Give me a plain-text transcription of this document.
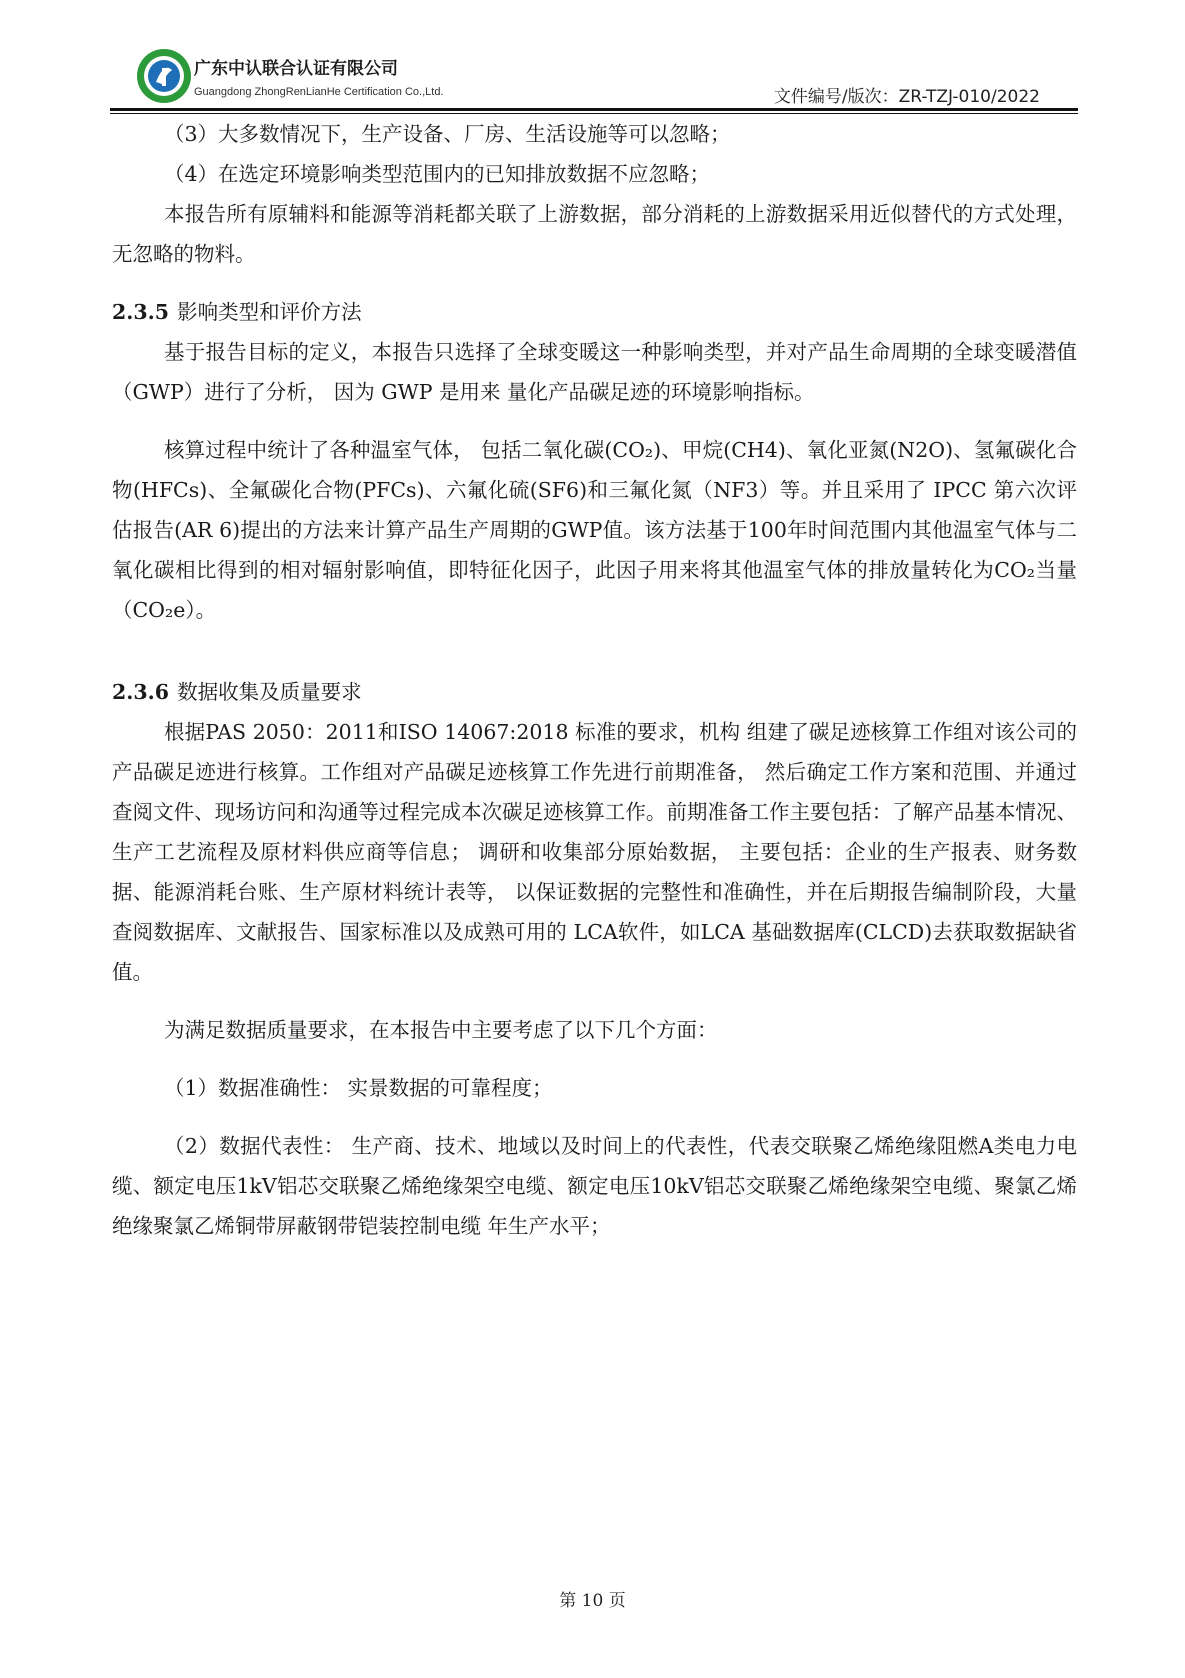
广东中认联合认证有限公司
Guangdong ZhongRenLianHe Certification Co.,Ltd.	文件编号/版次：ZR-TZJ-010/2022

（3）大多数情况下，生产设备、厂房、生活设施等可以忽略；

（4）在选定环境影响类型范围内的已知排放数据不应忽略；

本报告所有原辅料和能源等消耗都关联了上游数据，部分消耗的上游数据采用近似替代的方式处理，无忽略的物料。

2.3.5 影响类型和评价方法

基于报告目标的定义，本报告只选择了全球变暖这一种影响类型，并对产品生命周期的全球变暖潜值（GWP）进行了分析， 因为 GWP 是用来 量化产品碳足迹的环境影响指标。

核算过程中统计了各种温室气体， 包括二氧化碳(CO₂)、甲烷(CH4)、氧化亚氮(N2O)、氢氟碳化合物(HFCs)、全氟碳化合物(PFCs)、六氟化硫(SF6)和三氟化氮（NF3）等。并且采用了 IPCC 第六次评估报告(AR 6)提出的方法来计算产品生产周期的GWP值。该方法基于100年时间范围内其他温室气体与二氧化碳相比得到的相对辐射影响值，即特征化因子，此因子用来将其他温室气体的排放量转化为CO₂当量（CO₂e）。

2.3.6 数据收集及质量要求

根据PAS 2050：2011和ISO 14067:2018 标准的要求，机构 组建了碳足迹核算工作组对该公司的产品碳足迹进行核算。工作组对产品碳足迹核算工作先进行前期准备， 然后确定工作方案和范围、并通过查阅文件、现场访问和沟通等过程完成本次碳足迹核算工作。前期准备工作主要包括：了解产品基本情况、生产工艺流程及原材料供应商等信息； 调研和收集部分原始数据， 主要包括：企业的生产报表、财务数据、能源消耗台账、生产原材料统计表等， 以保证数据的完整性和准确性，并在后期报告编制阶段，大量查阅数据库、文献报告、国家标准以及成熟可用的 LCA软件，如LCA 基础数据库(CLCD)去获取数据缺省值。

为满足数据质量要求，在本报告中主要考虑了以下几个方面：

（1）数据准确性： 实景数据的可靠程度；

（2）数据代表性： 生产商、技术、地域以及时间上的代表性，代表交联聚乙烯绝缘阻燃A类电力电缆、额定电压1kV铝芯交联聚乙烯绝缘架空电缆、额定电压10kV铝芯交联聚乙烯绝缘架空电缆、聚氯乙烯绝缘聚氯乙烯铜带屏蔽钢带铠装控制电缆 年生产水平；

第 10 页
